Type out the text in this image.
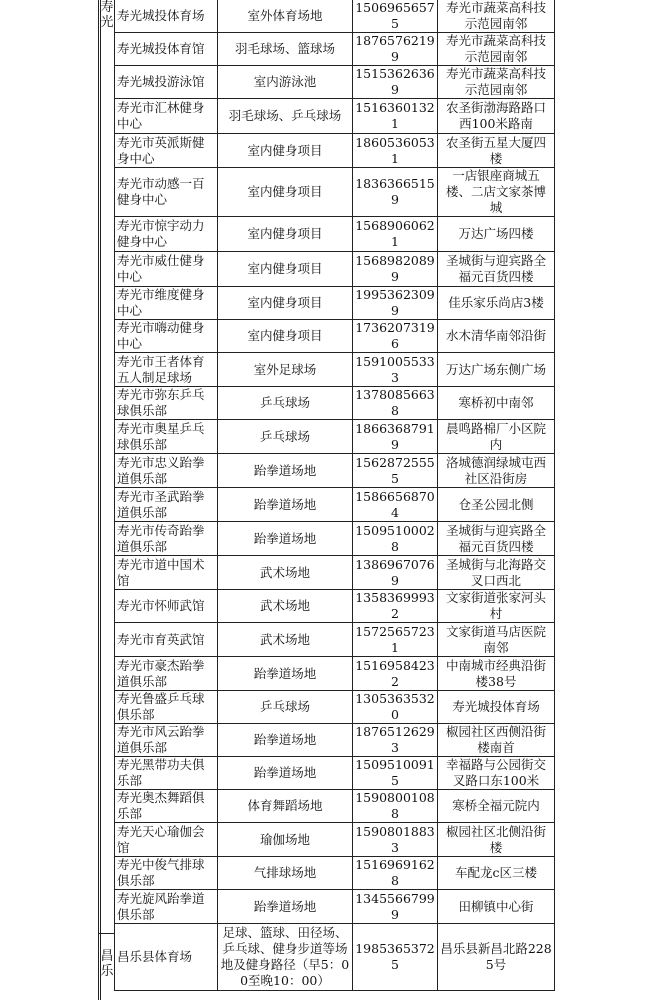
寿
光
昌
乐
寿光城投体育场	室外体育场地	15069656575	寿光市蔬菜高科技示范园南邻
寿光城投体育馆	羽毛球场、篮球场	18765762199	寿光市蔬菜高科技示范园南邻
寿光城投游泳馆	室内游泳池	15153626369	寿光市蔬菜高科技示范园南邻
寿光市汇林健身中心	羽毛球场、乒乓球场	15163601321	农圣街渤海路路口西100米路南
寿光市英派斯健身中心	室内健身项目	18605360531	农圣街五星大厦四楼
寿光市动感一百健身中心	室内健身项目	18363665159	一店银座商城五楼、二店文家茶博城
寿光市惊宇动力健身中心	室内健身项目	15689060621	万达广场四楼
寿光市威仕健身中心	室内健身项目	15689820899	圣城街与迎宾路全福元百货四楼
寿光市维度健身中心	室内健身项目	19953623099	佳乐家乐尚店3楼
寿光市嗨动健身中心	室内健身项目	17362073196	水木清华南邻沿街
寿光市王者体育五人制足球场	室外足球场	15910055333	万达广场东侧广场
寿光市弥东乒乓球俱乐部	乒乓球场	13780856638	寒桥初中南邻
寿光市奥星乒乓球俱乐部	乒乓球场	18663687919	晨鸣路棉厂小区院内
寿光市忠义跆拳道俱乐部	跆拳道场地	15628725555	洛城德润绿城屯西社区沿街房
寿光市圣武跆拳道俱乐部	跆拳道场地	15866568704	仓圣公园北侧
寿光市传奇跆拳道俱乐部	跆拳道场地	15095100028	圣城街与迎宾路全福元百货四楼
寿光市道中国术馆	武术场地	13869670769	圣城街与北海路交叉口西北
寿光市怀师武馆	武术场地	13583699932	文家街道张家河头村
寿光市育英武馆	武术场地	15725657231	文家街道马店医院南邻
寿光市豪杰跆拳道俱乐部	跆拳道场地	15169584232	中南城市经典沿街楼38号
寿光鲁盛乒乓球俱乐部	乒乓球场	13053635320	寿光城投体育场
寿光市风云跆拳道俱乐部	跆拳道场地	18765126293	椒园社区西侧沿街楼南首
寿光黑带功夫俱乐部	跆拳道场地	15095100915	幸福路与公园街交叉路口东100米
寿光奥杰舞蹈俱乐部	体育舞蹈场地	15908001088	寒桥全福元院内
寿光天心瑜伽会馆	瑜伽场地	15908018833	椒园社区北侧沿街楼
寿光中俊气排球俱乐部	气排球场地	15169691628	车配龙c区三楼
寿光旋风跆拳道俱乐部	跆拳道场地	13455667999	田柳镇中心街
昌乐县体育场	足球、篮球、田径场、乒乓球、健身步道等场地及健身路径（早5：00至晚10：00）	19853653725	昌乐县新昌北路2285号
